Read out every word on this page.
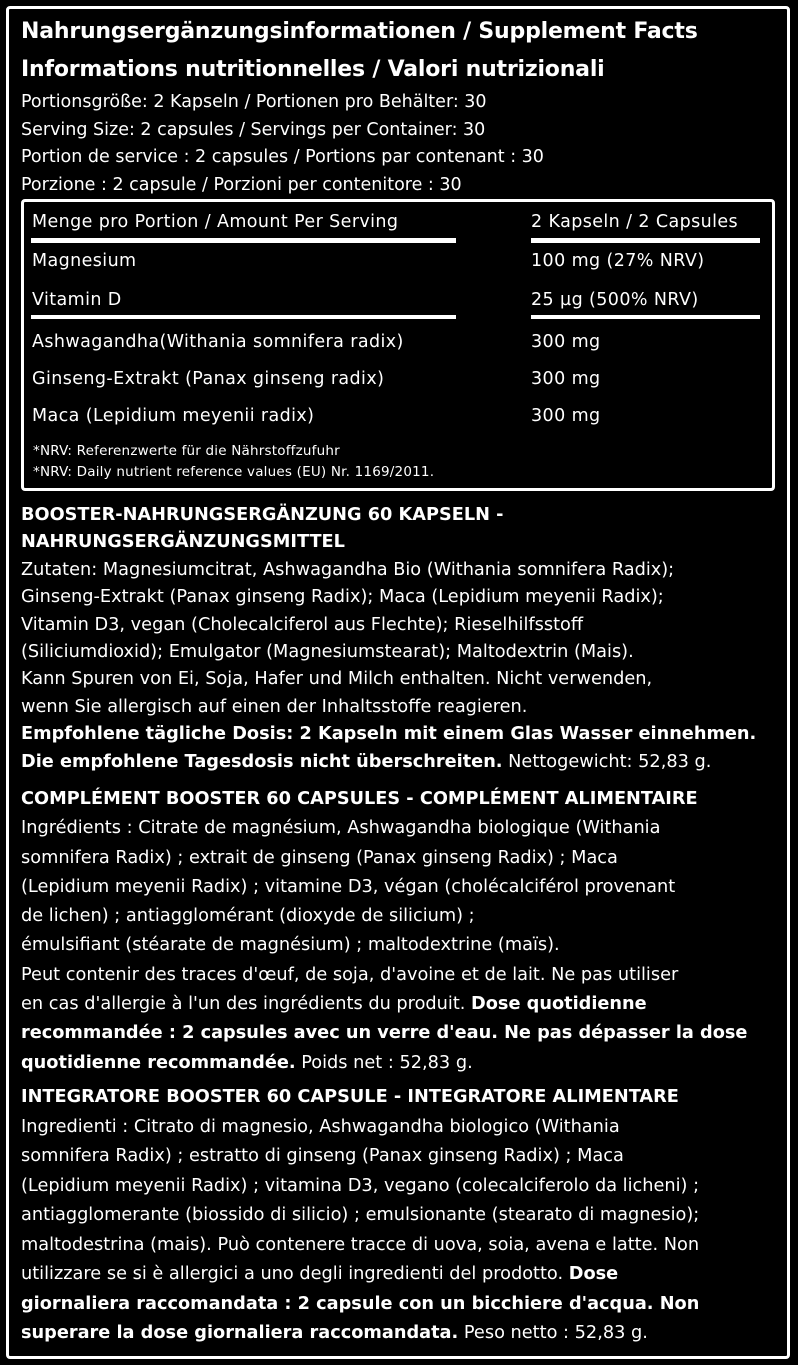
Nahrungsergänzungsinformationen / Supplement Facts
Informations nutritionnelles / Valori nutrizionali
Portionsgröße: 2 Kapseln / Portionen pro Behälter: 30
Serving Size: 2 capsules / Servings per Container: 30
Portion de service : 2 capsules / Portions par contenant : 30
Porzione : 2 capsule / Porzioni per contenitore : 30
Menge pro Portion / Amount Per Serving	2 Kapseln / 2 Capsules
Magnesium	100 mg (27% NRV)
Vitamin D	25 µg (500% NRV)
Ashwagandha(Withania somnifera radix)	300 mg
Ginseng-Extrakt (Panax ginseng radix)	300 mg
Maca (Lepidium meyenii radix)	300 mg
*NRV: Referenzwerte für die Nährstoffzufuhr
*NRV: Daily nutrient reference values (EU) Nr. 1169/2011.
BOOSTER-NAHRUNGSERGÄNZUNG 60 KAPSELN -
NAHRUNGSERGÄNZUNGSMITTEL
Zutaten: Magnesiumcitrat, Ashwagandha Bio (Withania somnifera Radix);
Ginseng-Extrakt (Panax ginseng Radix); Maca (Lepidium meyenii Radix);
Vitamin D3, vegan (Cholecalciferol aus Flechte); Rieselhilfsstoff
(Siliciumdioxid); Emulgator (Magnesiumstearat); Maltodextrin (Mais).
Kann Spuren von Ei, Soja, Hafer und Milch enthalten. Nicht verwenden,
wenn Sie allergisch auf einen der Inhaltsstoffe reagieren.
Empfohlene tägliche Dosis: 2 Kapseln mit einem Glas Wasser einnehmen.
Die empfohlene Tagesdosis nicht überschreiten. Nettogewicht: 52,83 g.
COMPLÉMENT BOOSTER 60 CAPSULES - COMPLÉMENT ALIMENTAIRE
Ingrédients : Citrate de magnésium, Ashwagandha biologique (Withania
somnifera Radix) ; extrait de ginseng (Panax ginseng Radix) ; Maca
(Lepidium meyenii Radix) ; vitamine D3, végan (cholécalciférol provenant
de lichen) ; antiagglomérant (dioxyde de silicium) ;
émulsifiant (stéarate de magnésium) ; maltodextrine (maïs).
Peut contenir des traces d'œuf, de soja, d'avoine et de lait. Ne pas utiliser
en cas d'allergie à l'un des ingrédients du produit. Dose quotidienne
recommandée : 2 capsules avec un verre d'eau. Ne pas dépasser la dose
quotidienne recommandée. Poids net : 52,83 g.
INTEGRATORE BOOSTER 60 CAPSULE - INTEGRATORE ALIMENTARE
Ingredienti : Citrato di magnesio, Ashwagandha biologico (Withania
somnifera Radix) ; estratto di ginseng (Panax ginseng Radix) ; Maca
(Lepidium meyenii Radix) ; vitamina D3, vegano (colecalciferolo da licheni) ;
antiagglomerante (biossido di silicio) ; emulsionante (stearato di magnesio);
maltodestrina (mais). Può contenere tracce di uova, soia, avena e latte. Non
utilizzare se si è allergici a uno degli ingredienti del prodotto. Dose
giornaliera raccomandata : 2 capsule con un bicchiere d'acqua. Non
superare la dose giornaliera raccomandata. Peso netto : 52,83 g.
